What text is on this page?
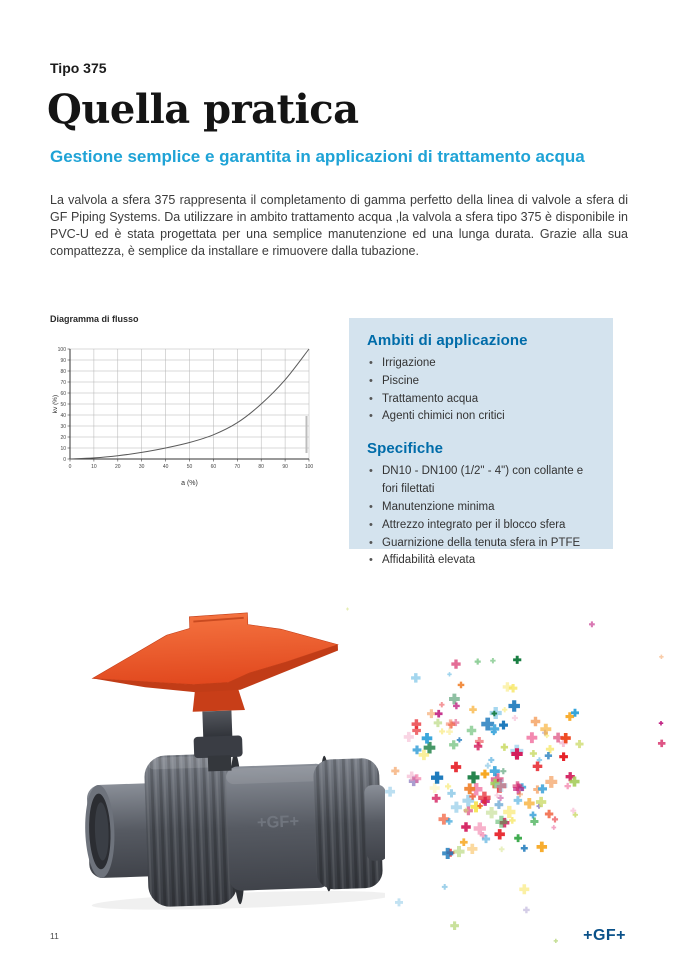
Tipo 375
Quella pratica
Gestione semplice e garantita in applicazioni di trattamento acqua

La valvola a sfera 375 rappresenta il completamento di gamma perfetto della linea di valvole a sfera di GF Piping Systems. Da utilizzare in ambito trattamento acqua ,la valvola a sfera tipo 375 è disponibile in PVC-U ed è stata progettata per una semplice manutenzione ed una lunga durata. Grazie alla sua compattezza, è semplice da installare e rimuovere dalla tubazione.

Diagramma di flusso
0	10	20	30	40	50	60	70	80	90	100
0
10
20
30
40
50
60
70
80
90
100
a (%)
kv (%)
Ambiti di applicazione
• Irrigazione
• Piscine
• Trattamento acqua
• Agenti chimici non critici
Specifiche
• DN10 - DN100 (1/2" - 4") con collante e fori filettati
• Manutenzione minima
• Attrezzo integrato per il blocco sfera
• Guarnizione della tenuta sfera in PTFE
• Affidabilità elevata
+GF+
11	+GF+
